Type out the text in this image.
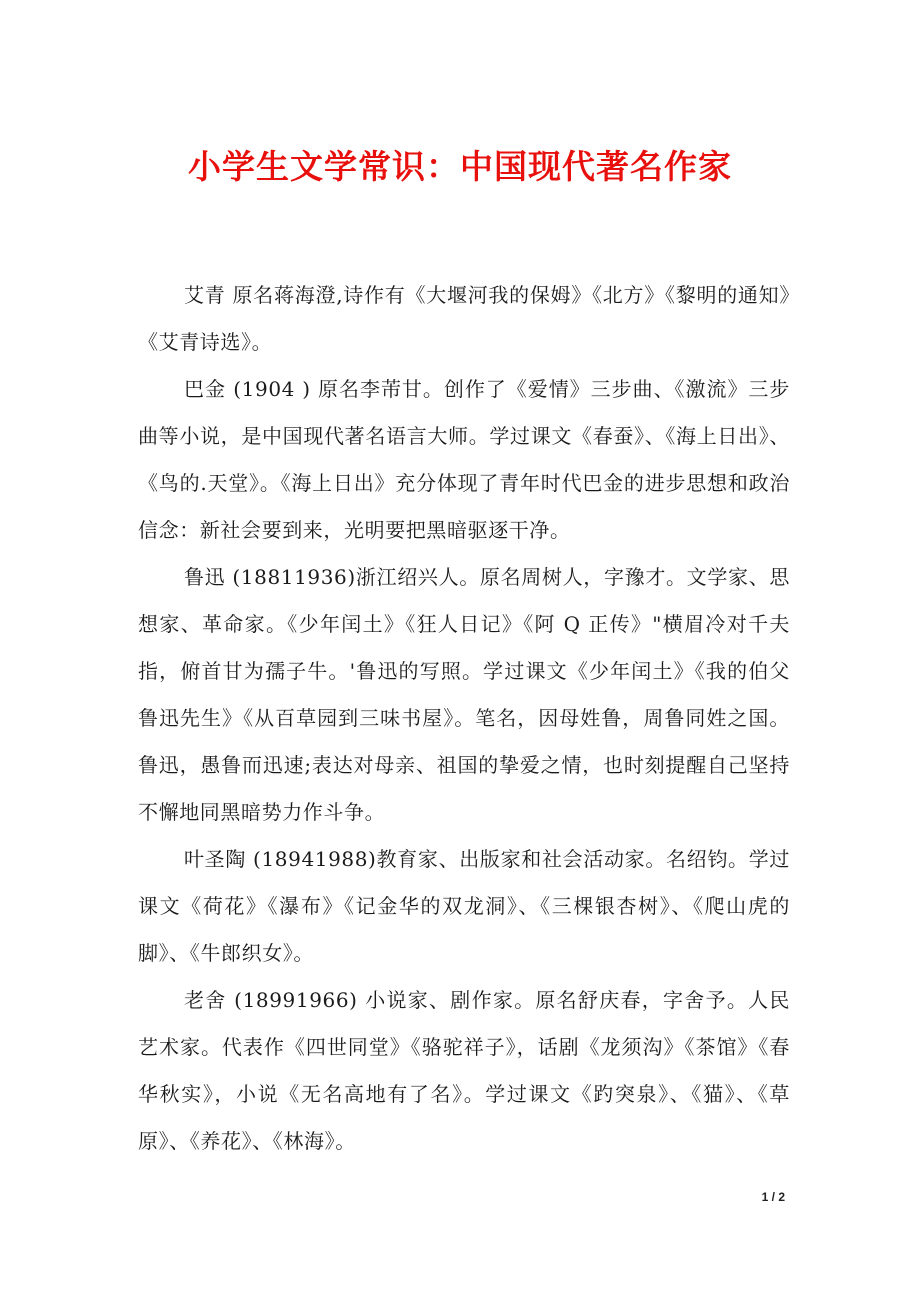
小学生文学常识：中国现代著名作家

艾青 原名蒋海澄,诗作有《大堰河我的保姆》《北方》《黎明的通知》《艾青诗选》。

巴金 (1904 ) 原名李芾甘。创作了《爱情》三步曲、《激流》三步曲等小说，是中国现代著名语言大师。学过课文《春蚕》、《海上日出》、《鸟的.天堂》。《海上日出》充分体现了青年时代巴金的进步思想和政治信念：新社会要到来，光明要把黑暗驱逐干净。

鲁迅 (18811936)浙江绍兴人。原名周树人，字豫才。文学家、思想家、革命家。《少年闰土》《狂人日记》《阿 Q 正传》"横眉冷对千夫指，俯首甘为孺子牛。'鲁迅的写照。学过课文《少年闰土》《我的伯父鲁迅先生》《从百草园到三味书屋》。笔名，因母姓鲁，周鲁同姓之国。鲁迅，愚鲁而迅速;表达对母亲、祖国的挚爱之情，也时刻提醒自己坚持不懈地同黑暗势力作斗争。

叶圣陶 (18941988)教育家、出版家和社会活动家。名绍钧。学过课文《荷花》《瀑布》《记金华的双龙洞》、《三棵银杏树》、《爬山虎的脚》、《牛郎织女》。

老舍 (18991966) 小说家、剧作家。原名舒庆春，字舍予。人民艺术家。代表作《四世同堂》《骆驼祥子》，话剧《龙须沟》《茶馆》《春华秋实》，小说《无名高地有了名》。学过课文《趵突泉》、《猫》、《草原》、《养花》、《林海》。

1 / 2
